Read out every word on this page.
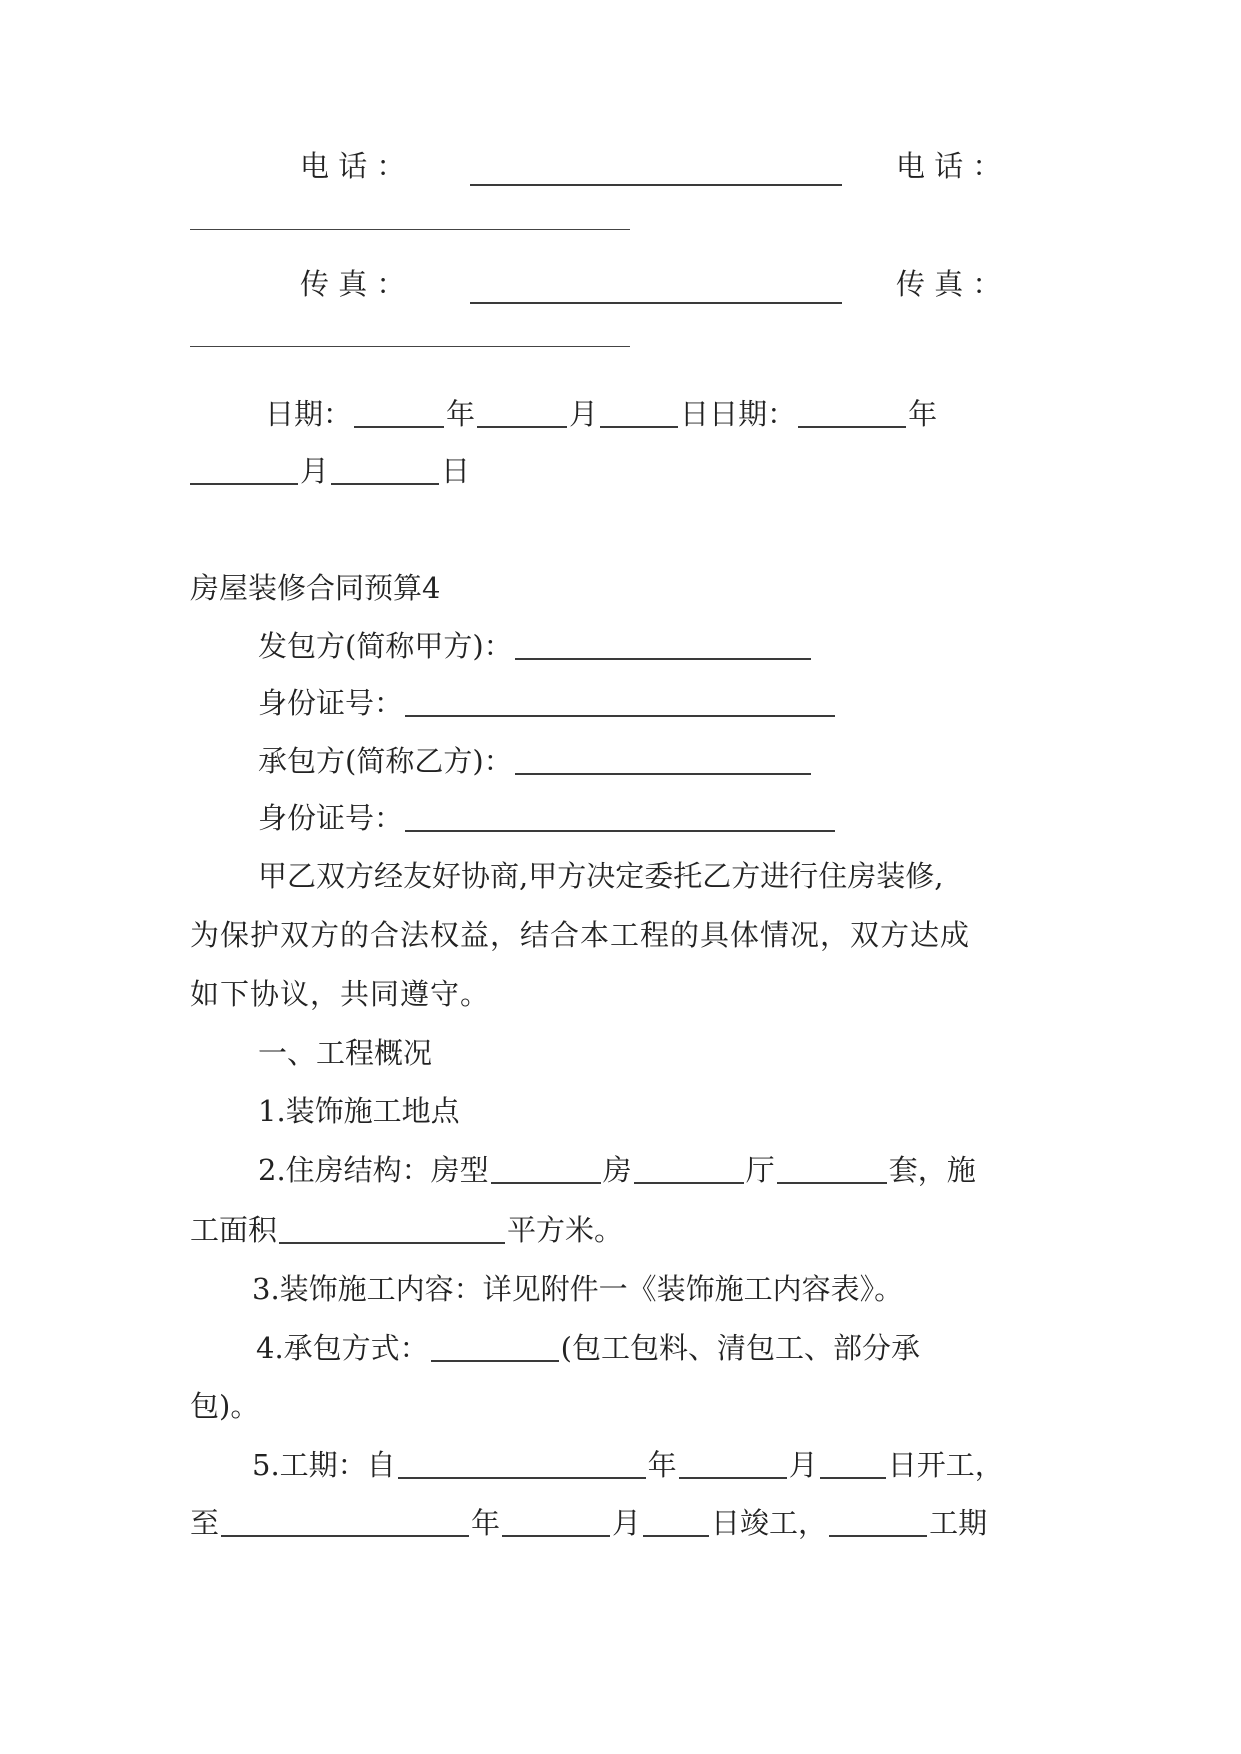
电 话 ：	电 话 ：
传 真 ：	传 真 ：
日期：	年	月	日日期：	年
月	日
房屋装修合同预算4
发包方(简称甲方)：
身份证号：
承包方(简称乙方)：
身份证号：
甲乙双方经友好协商,甲方决定委托乙方进行住房装修,
为保护双方的合法权益，结合本工程的具体情况，双方达成
如下协议，共同遵守。
一、工程概况
1.装饰施工地点
2.住房结构：房型	房	厅	套，施
工面积	平方米。
3.装饰施工内容：详见附件一《装饰施工内容表》。
4.承包方式：	(包工包料、清包工、部分承
包)。
5.工期：自	年	月 日开工，
至	年	月 日竣工，	工期
